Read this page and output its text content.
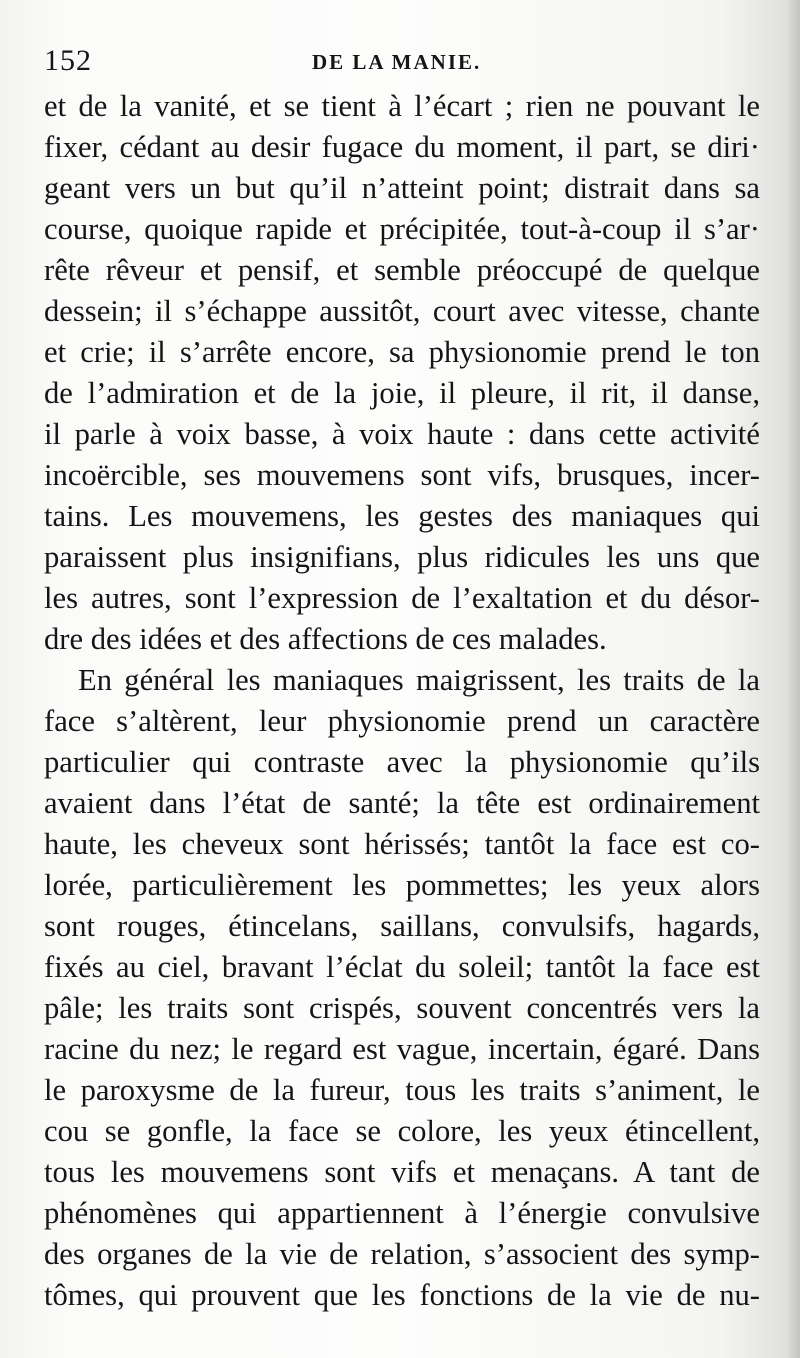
152	DE LA MANIE.
et de la vanité, et se tient à l’écart ; rien ne pouvant le
fixer, cédant au desir fugace du moment, il part, se diri·
geant vers un but qu’il n’atteint point; distrait dans sa
course, quoique rapide et précipitée, tout-à-coup il s’ar·
rête rêveur et pensif, et semble préoccupé de quelque
dessein; il s’échappe aussitôt, court avec vitesse, chante
et crie; il s’arrête encore, sa physionomie prend le ton
de l’admiration et de la joie, il pleure, il rit, il danse,
il parle à voix basse, à voix haute : dans cette activité
incoërcible, ses mouvemens sont vifs, brusques, incer-
tains. Les mouvemens, les gestes des maniaques qui
paraissent plus insignifians, plus ridicules les uns que
les autres, sont l’expression de l’exaltation et du désor-
dre des idées et des affections de ces malades.
En général les maniaques maigrissent, les traits de la
face s’altèrent, leur physionomie prend un caractère
particulier qui contraste avec la physionomie qu’ils
avaient dans l’état de santé; la tête est ordinairement
haute, les cheveux sont hérissés; tantôt la face est co-
lorée, particulièrement les pommettes; les yeux alors
sont rouges, étincelans, saillans, convulsifs, hagards,
fixés au ciel, bravant l’éclat du soleil; tantôt la face est
pâle; les traits sont crispés, souvent concentrés vers la
racine du nez; le regard est vague, incertain, égaré. Dans
le paroxysme de la fureur, tous les traits s’animent, le
cou se gonfle, la face se colore, les yeux étincellent,
tous les mouvemens sont vifs et menaçans. A tant de
phénomènes qui appartiennent à l’énergie convulsive
des organes de la vie de relation, s’associent des symp-
tômes, qui prouvent que les fonctions de la vie de nu-
